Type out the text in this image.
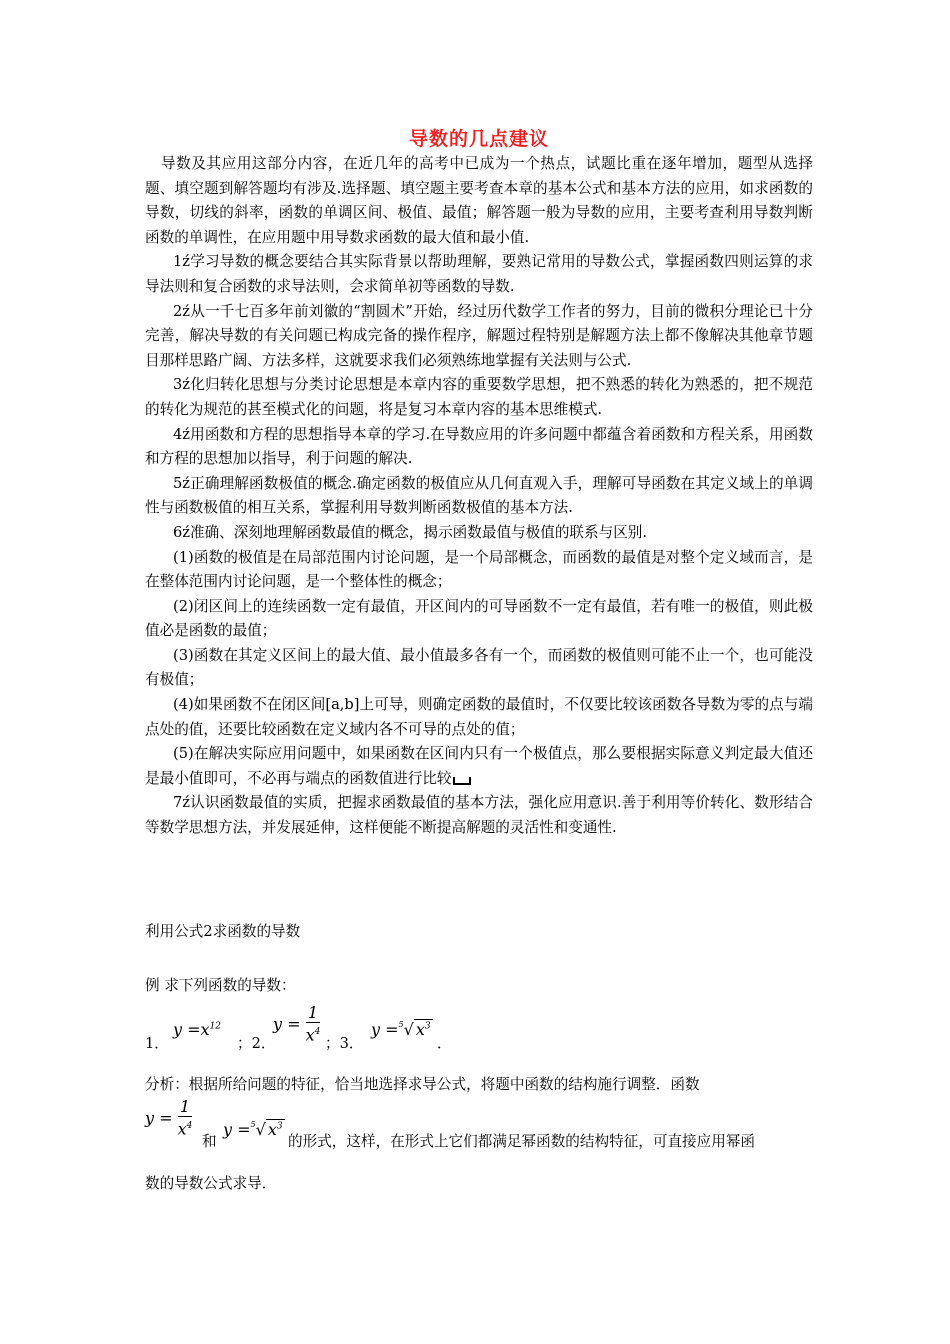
导数的几点建议

导数及其应用这部分内容，在近几年的高考中已成为一个热点，试题比重在逐年增加，题型从选择题、填空题到解答题均有涉及.选择题、填空题主要考查本章的基本公式和基本方法的应用，如求函数的导数，切线的斜率，函数的单调区间、极值、最值；解答题一般为导数的应用，主要考查利用导数判断函数的单调性，在应用题中用导数求函数的最大值和最小值.

1ź学习导数的概念要结合其实际背景以帮助理解，要熟记常用的导数公式，掌握函数四则运算的求导法则和复合函数的求导法则，会求简单初等函数的导数.

2ź从一千七百多年前刘徽的“割圆术”开始，经过历代数学工作者的努力，目前的微积分理论已十分完善，解决导数的有关问题已构成完备的操作程序，解题过程特别是解题方法上都不像解决其他章节题目那样思路广阔、方法多样，这就要求我们必须熟练地掌握有关法则与公式.

3ź化归转化思想与分类讨论思想是本章内容的重要数学思想，把不熟悉的转化为熟悉的，把不规范的转化为规范的甚至模式化的问题，将是复习本章内容的基本思维模式.

4ź用函数和方程的思想指导本章的学习.在导数应用的许多问题中都蕴含着函数和方程关系，用函数和方程的思想加以指导，利于问题的解决.

5ź正确理解函数极值的概念.确定函数的极值应从几何直观入手，理解可导函数在其定义域上的单调性与函数极值的相互关系，掌握利用导数判断函数极值的基本方法.

6ź准确、深刻地理解函数最值的概念，揭示函数最值与极值的联系与区别.

(1)函数的极值是在局部范围内讨论问题，是一个局部概念，而函数的最值是对整个定义域而言，是在整体范围内讨论问题，是一个整体性的概念；

(2)闭区间上的连续函数一定有最值，开区间内的可导函数不一定有最值，若有唯一的极值，则此极值必是函数的最值；

(3)函数在其定义区间上的最大值、最小值最多各有一个，而函数的极值则可能不止一个，也可能没有极值；

(4)如果函数不在闭区间[a,b]上可导，则确定函数的最值时，不仅要比较该函数各导数为零的点与端点处的值，还要比较函数在定义域内各不可导的点处的值；

(5)在解决实际应用问题中，如果函数在区间内只有一个极值点，那么要根据实际意义判定最大值还是最小值即可，不必再与端点的函数值进行比较

7ź认识函数最值的实质，把握求函数最值的基本方法，强化应用意识.善于利用等价转化、数形结合等数学思想方法，并发展延伸，这样便能不断提高解题的灵活性和变通性.

利用公式2求函数的导数
例 求下列函数的导数：
1．
$y =x^{12}$
；2．
$y = \frac{1}{x^4}$ ；3．
y =$^5$√ $x^3$
．
分析：根据所给问题的特征，恰当地选择求导公式，将题中函数的结构施行调整．函数
$y = \frac{1}{x^4}$
和
y =$^5$√ $x^3$
的形式，这样，在形式上它们都满足幂函数的结构特征，可直接应用幂函
数的导数公式求导．
